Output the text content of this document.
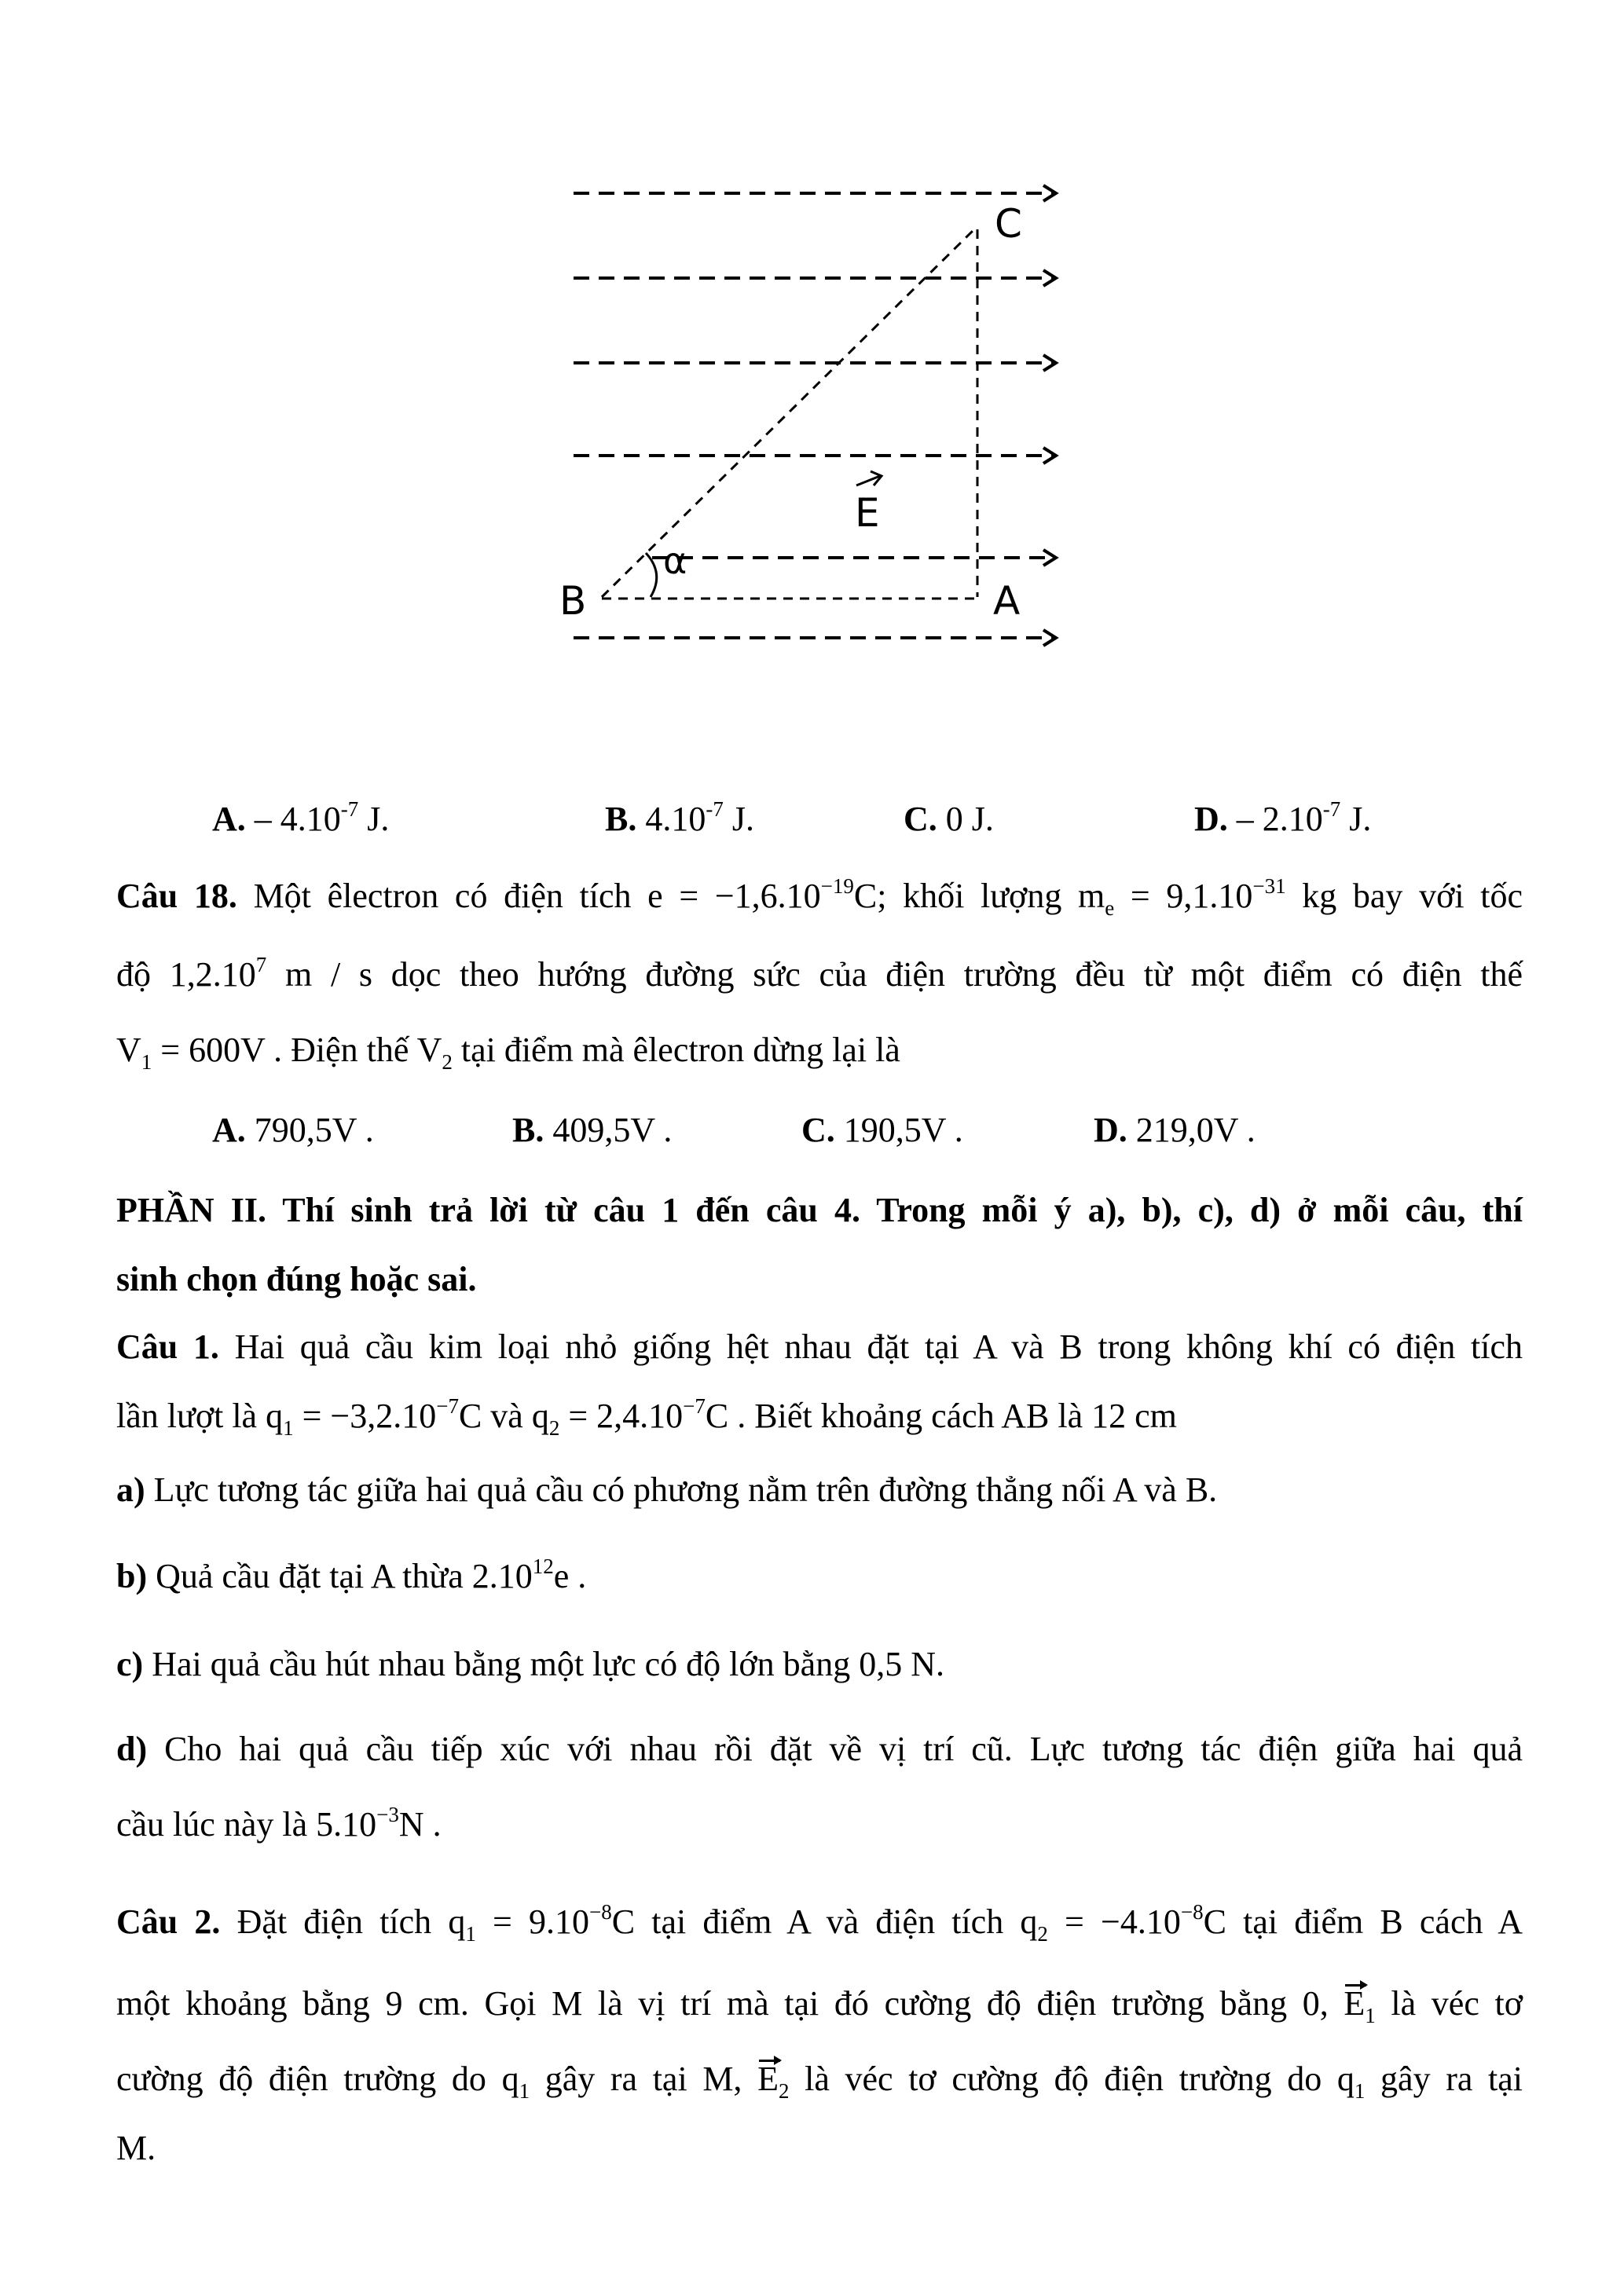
C
B	A
E
α
A. – $4.10^{-7}$ J.	B. $4.10^{-7}$ J.	C. 0 J.	D. – $2.10^{-7}$ J.
Câu 18. Một êlectron có điện tích $e = -1,6.10^{-19}C$; khối lượng $m_e = 9,1.10^{-31}$ kg bay với tốc
độ 1,2.10$^7$ m / s dọc theo hướng đường sức của điện trường đều từ một điểm có điện thế
$V_1 = 600V$ . Điện thế $V_2$ tại điểm mà êlectron dừng lại là
A. 790,5V .	B. 409,5V .	C. 190,5V .	D. 219,0V .
PHẦN II. Thí sinh trả lời từ câu 1 đến câu 4. Trong mỗi ý a), b), c), d) ở mỗi câu, thí
sinh chọn đúng hoặc sai.
Câu 1. Hai quả cầu kim loại nhỏ giống hệt nhau đặt tại A và B trong không khí có điện tích
lần lượt là $q_1 = -3,2.10^{-7}C$ và $q_2 = 2,4.10^{-7}C$ . Biết khoảng cách AB là 12 cm
a) Lực tương tác giữa hai quả cầu có phương nằm trên đường thẳng nối A và B.
b) Quả cầu đặt tại A thừa 2.10$^{12}$e .
c) Hai quả cầu hút nhau bằng một lực có độ lớn bằng 0,5 N.
d) Cho hai quả cầu tiếp xúc với nhau rồi đặt về vị trí cũ. Lực tương tác điện giữa hai quả
cầu lúc này là $5.10^{-3}N$ .
Câu 2. Đặt điện tích $q_1 = 9.10^{-8}C$ tại điểm A và điện tích $q_2 = -4.10^{-8}C$ tại điểm B cách A
một khoảng bằng 9 cm. Gọi M là vị trí mà tại đó cường độ điện trường bằng 0, $E_1$ là véc tơ
cường độ điện trường do $q_1$ gây ra tại M, $E_2$ là véc tơ cường độ điện trường do $q_1$ gây ra tại
M.
